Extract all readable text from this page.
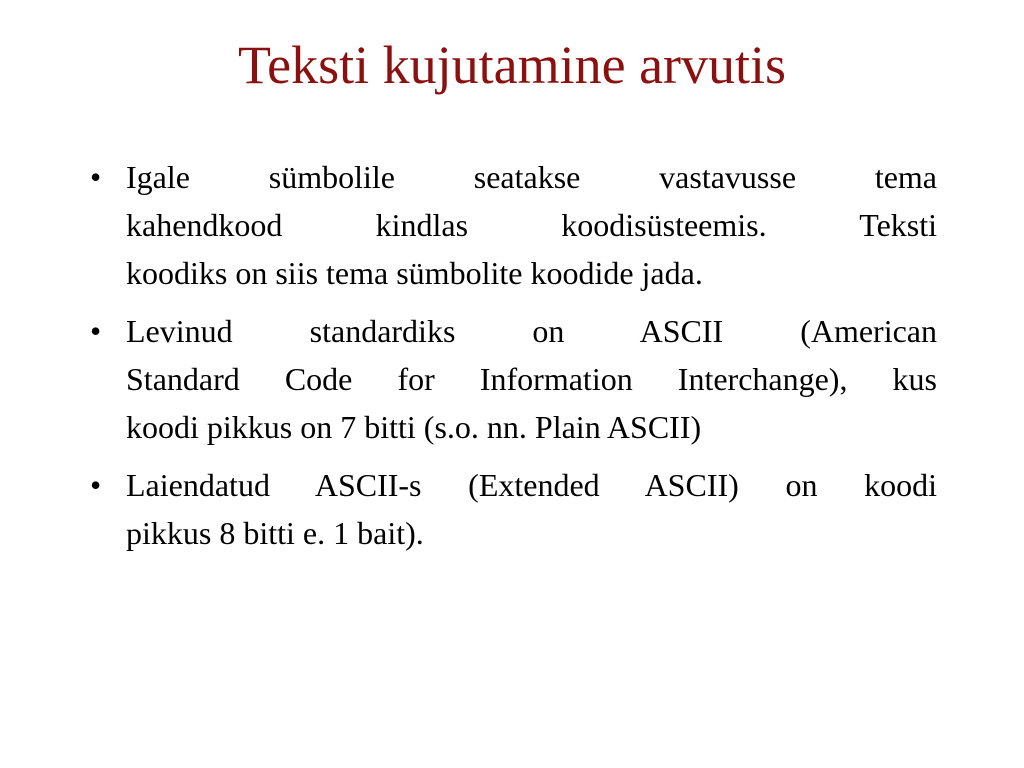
Teksti kujutamine arvutis
• Igale sümbolile seatakse vastavusse tema
kahendkood kindlas koodisüsteemis. Teksti
koodiks on siis tema sümbolite koodide jada.
• Levinud standardiks on ASCII (American
Standard Code for Information Interchange), kus
koodi pikkus on 7 bitti (s.o. nn. Plain ASCII)
• Laiendatud ASCII-s (Extended ASCII) on koodi
pikkus 8 bitti e. 1 bait).
